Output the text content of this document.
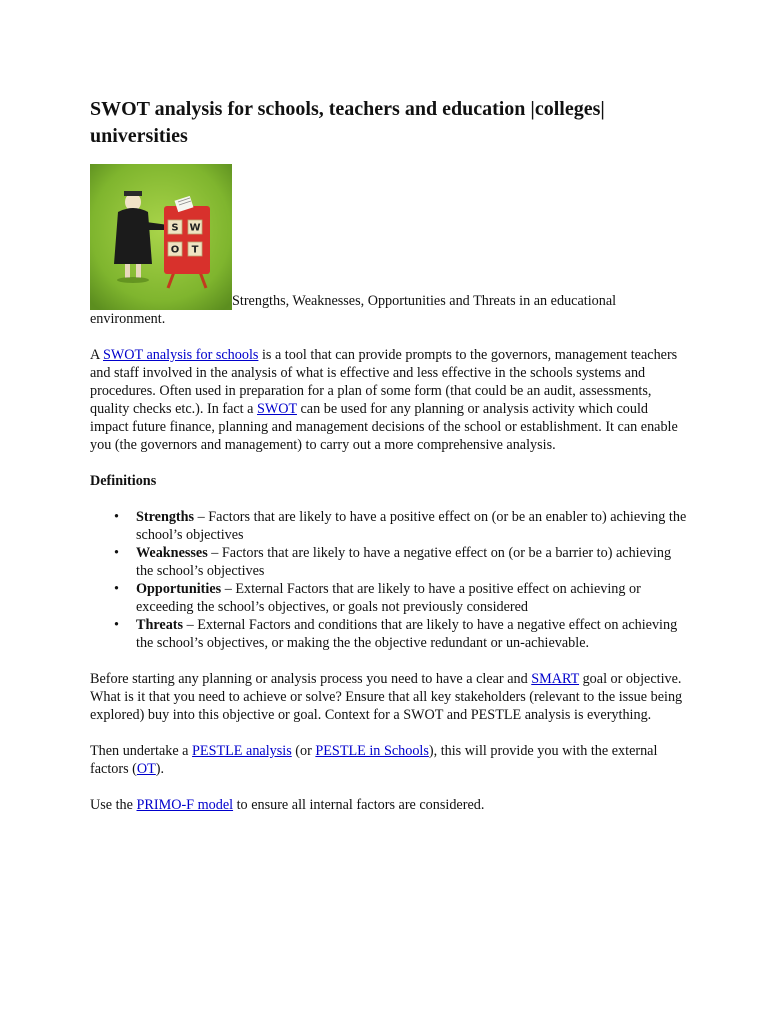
SWOT analysis for schools, teachers and education |colleges| universities
S W
O T
Strengths, Weaknesses, Opportunities and Threats in an educational environment.

A SWOT analysis for schools is a tool that can provide prompts to the governors, management teachers and staff involved in the analysis of what is effective and less effective in the schools systems and procedures. Often used in preparation for a plan of some form (that could be an audit, assessments, quality checks etc.). In fact a SWOT can be used for any planning or analysis activity which could impact future finance, planning and management decisions of the school or establishment. It can enable you (the governors and management) to carry out a more comprehensive analysis.

Definitions

• Strengths – Factors that are likely to have a positive effect on (or be an enabler to) achieving the school’s objectives
• Weaknesses – Factors that are likely to have a negative effect on (or be a barrier to) achieving the school’s objectives
• Opportunities – External Factors that are likely to have a positive effect on achieving or exceeding the school’s objectives, or goals not previously considered
• Threats – External Factors and conditions that are likely to have a negative effect on achieving the school’s objectives, or making the the objective redundant or un-achievable.

Before starting any planning or analysis process you need to have a clear and SMART goal or objective. What is it that you need to achieve or solve? Ensure that all key stakeholders (relevant to the issue being explored) buy into this objective or goal. Context for a SWOT and PESTLE analysis is everything.

Then undertake a PESTLE analysis (or PESTLE in Schools), this will provide you with the external factors (OT).

Use the PRIMO-F model to ensure all internal factors are considered.
